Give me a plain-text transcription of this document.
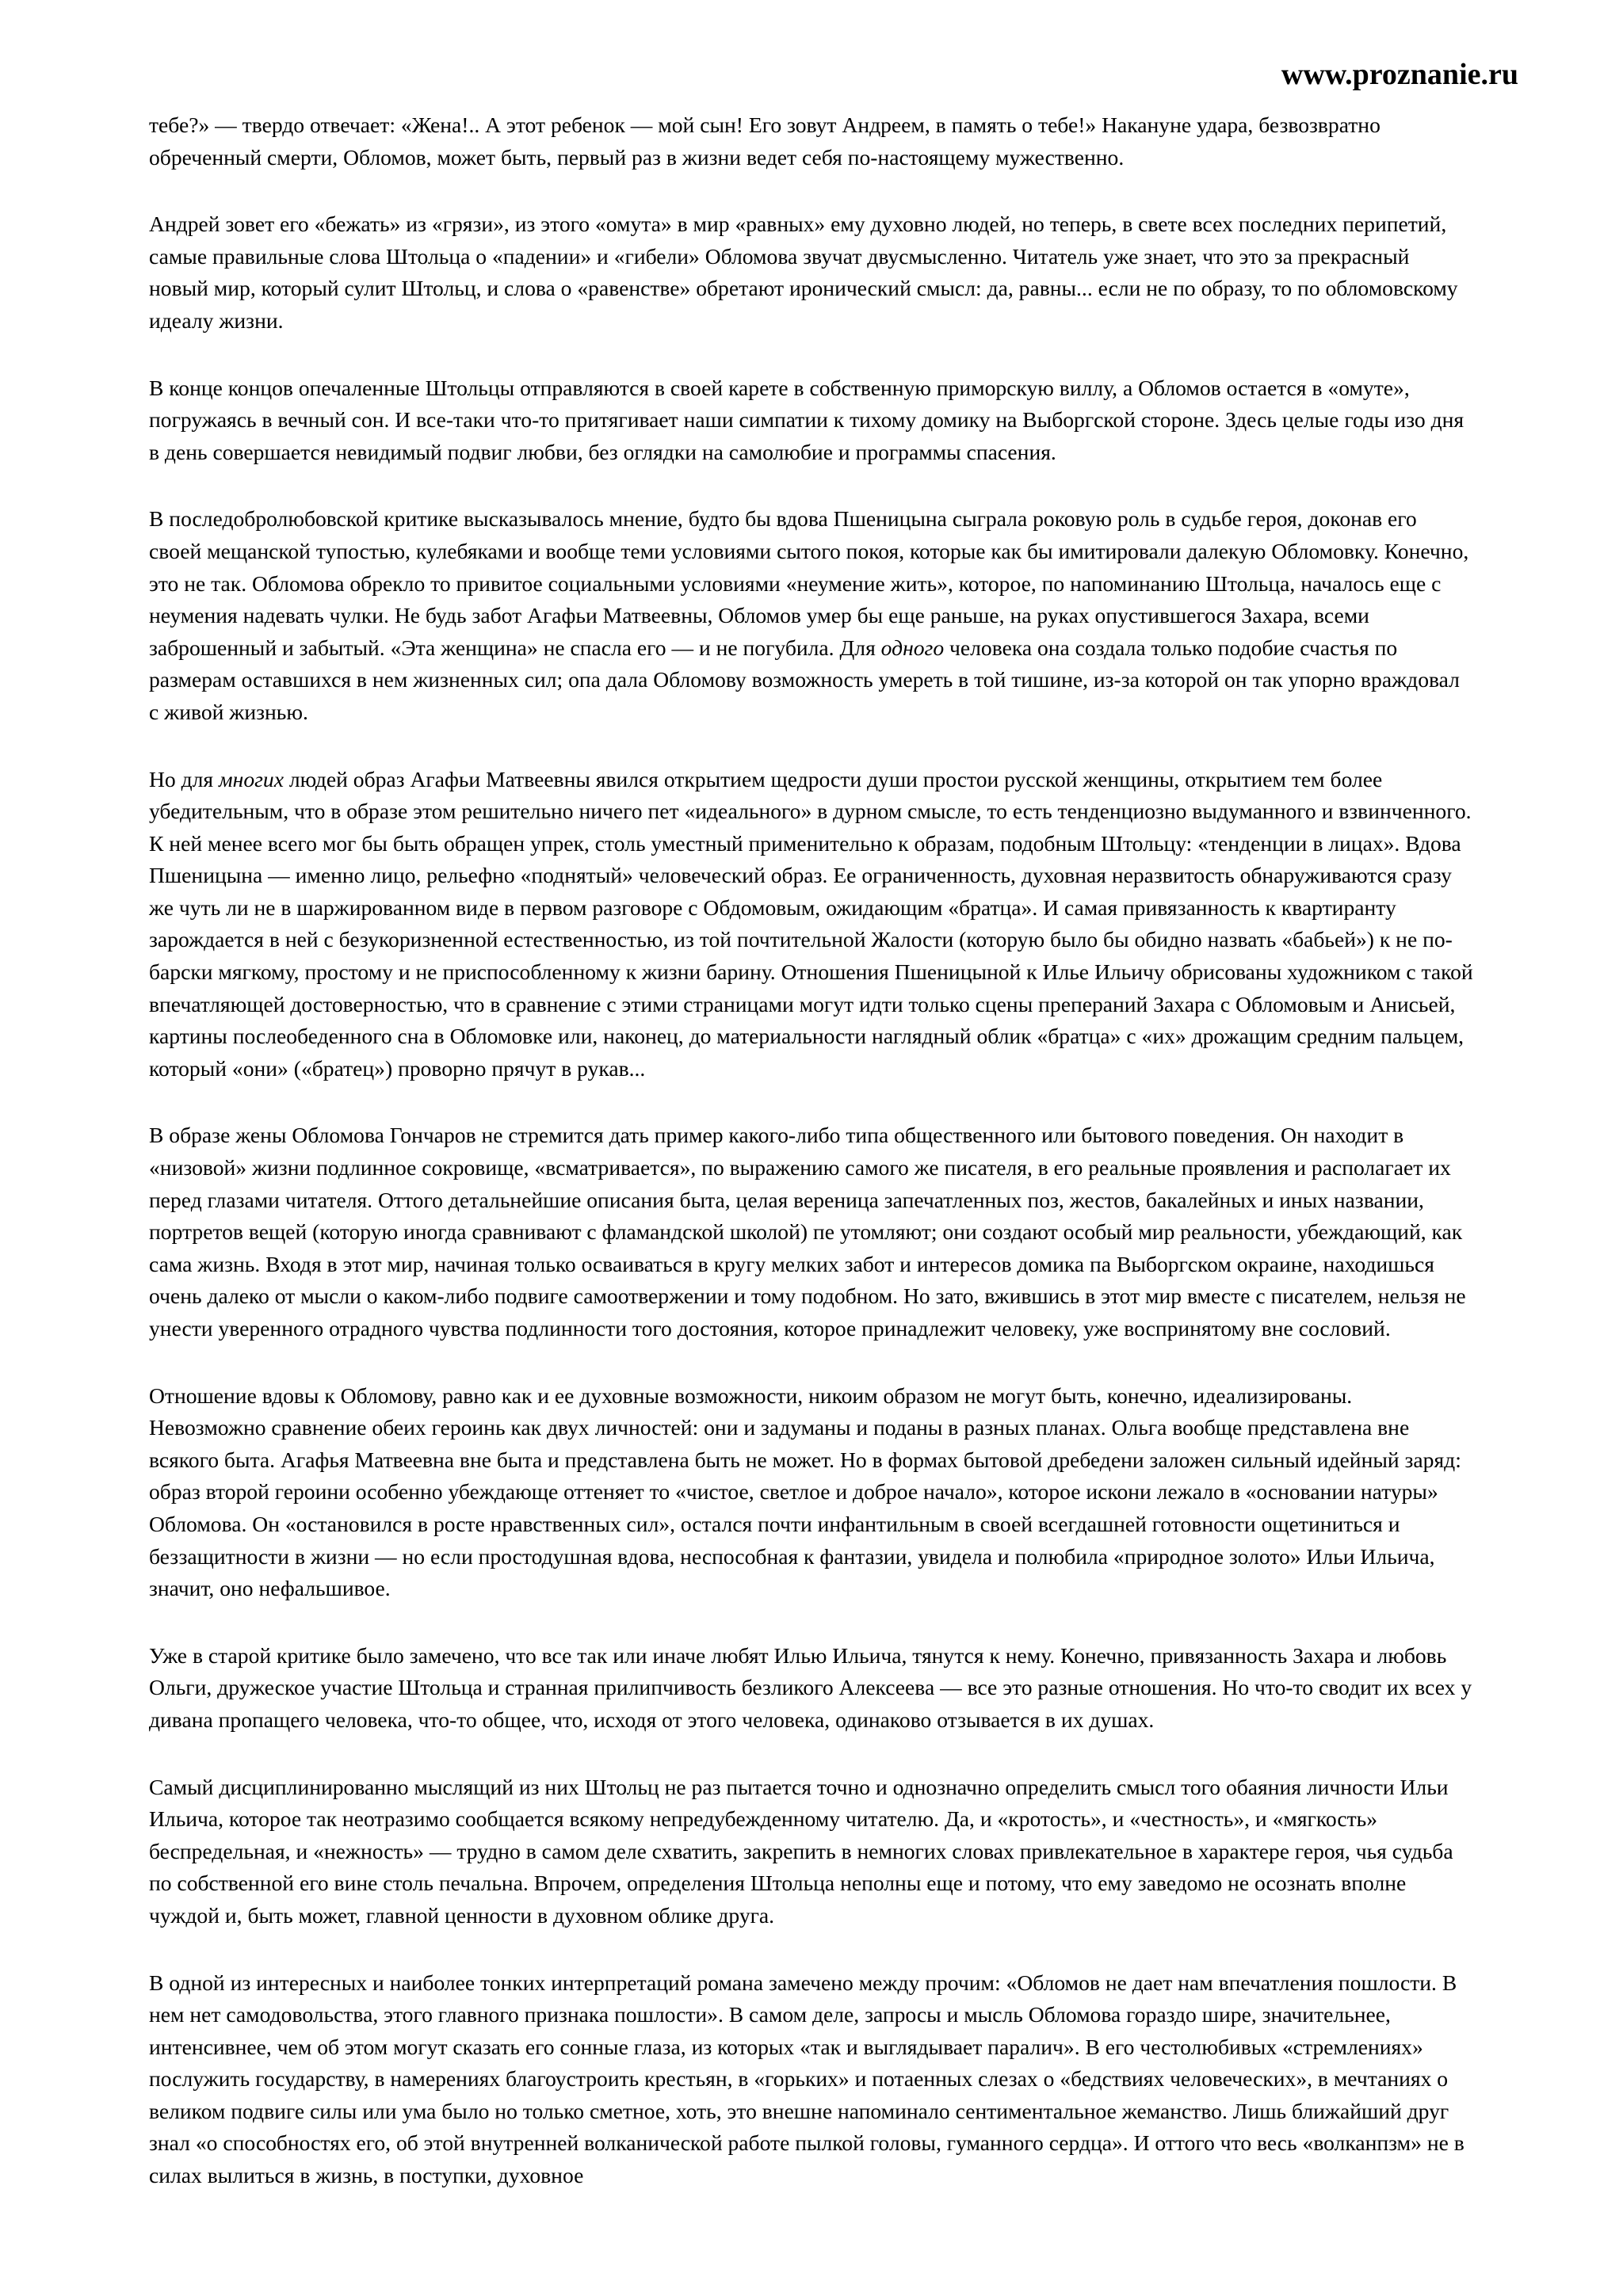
www.proznanie.ru

тебе?» — твердо отвечает: «Жена!.. А этот ребенок — мой сын! Его зовут Андреем, в память о тебе!» Накануне удара, безвозвратно обреченный смерти, Обломов, может быть, первый раз в жизни ведет себя по-настоящему мужественно.

Андрей зовет его «бежать» из «грязи», из этого «омута» в мир «равных» ему духовно людей, но теперь, в свете всех последних перипетий, самые правильные слова Штольца о «падении» и «гибели» Обломова звучат двусмысленно. Читатель уже знает, что это за прекрасный новый мир, который сулит Штольц, и слова о «равенстве» обретают иронический смысл: да, равны... если не по образу, то по обломовскому идеалу жизни.

В конце концов опечаленные Штольцы отправляются в своей карете в собственную приморскую виллу, а Обломов остается в «омуте», погружаясь в вечный сон. И все-таки что-то притягивает наши симпатии к тихому домику на Выборгской стороне. Здесь целые годы изо дня в день совершается невидимый подвиг любви, без оглядки на самолюбие и программы спасения.

В последобролюбовской критике высказывалось мнение, будто бы вдова Пшеницына сыграла роковую роль в судьбе героя, доконав его своей мещанской тупостью, кулебяками и вообще теми условиями сытого покоя, которые как бы имитировали далекую Обломовку. Конечно, это не так. Обломова обрекло то привитое социальными условиями «неумение жить», которое, по напоминанию Штольца, началось еще с неумения надевать чулки. Не будь забот Агафьи Матвеевны, Обломов умер бы еще раньше, на руках опустившегося Захара, всеми заброшенный и забытый. «Эта женщина» не спасла его — и не погубила. Для одного человека она создала только подобие счастья по размерам оставшихся в нем жизненных сил; опа дала Обломову возможность умереть в той тишине, из-за которой он так упорно враждовал с живой жизнью.

Но для многих людей образ Агафьи Матвеевны явился открытием щедрости души простои русской женщины, открытием тем более убедительным, что в образе этом решительно ничего пет «идеального» в дурном смысле, то есть тенденциозно выдуманного и взвинченного. К ней менее всего мог бы быть обращен упрек, столь уместный применительно к образам, подобным Штольцу: «тенденции в лицах». Вдова Пшеницына — именно лицо, рельефно «поднятый» человеческий образ. Ее ограниченность, духовная неразвитость обнаруживаются сразу же чуть ли не в шаржированном виде в первом разговоре с Обдомовым, ожидающим «братца». И самая привязанность к квартиранту зарождается в ней с безукоризненной естественностью, из той почтительной Жалости (которую было бы обидно назвать «бабьей») к не по-барски мягкому, простому и не приспособленному к жизни барину. Отношения Пшеницыной к Илье Ильичу обрисованы художником с такой впечатляющей достоверностью, что в сравнение с этими страницами могут идти только сцены препераний Захара с Обломовым и Анисьей, картины послеобеденного сна в Обломовке или, наконец, до материальности наглядный облик «братца» с «их» дрожащим средним пальцем, который «они» («братец») проворно прячут в рукав...

В образе жены Обломова Гончаров не стремится дать пример какого-либо типа общественного или бытового поведения. Он находит в «низовой» жизни подлинное сокровище, «всматривается», по выражению самого же писателя, в его реальные проявления и располагает их перед глазами читателя. Оттого детальнейшие описания быта, целая вереница запечатленных поз, жестов, бакалейных и иных названии, портретов вещей (которую иногда сравнивают с фламандской школой) пе утомляют; они создают особый мир реальности, убеждающий, как сама жизнь. Входя в этот мир, начиная только осваиваться в кругу мелких забот и интересов домика па Выборгском окраине, находишься очень далеко от мысли о каком-либо подвиге самоотвержении и тому подобном. Но зато, вжившись в этот мир вместе с писателем, нельзя не унести уверенного отрадного чувства подлинности того достояния, которое принадлежит человеку, уже воспринятому вне сословий.

Отношение вдовы к Обломову, равно как и ее духовные возможности, никоим образом не могут быть, конечно, идеализированы. Невозможно сравнение обеих героинь как двух личностей: они и задуманы и поданы в разных планах. Ольга вообще представлена вне всякого быта. Агафья Матвеевна вне быта и представлена быть не может. Но в формах бытовой дребедени заложен сильный идейный заряд: образ второй героини особенно убеждающе оттеняет то «чистое, светлое и доброе начало», которое искони лежало в «основании натуры» Обломова. Он «остановился в росте нравственных сил», остался почти инфантильным в своей всегдашней готовности ощетиниться и беззащитности в жизни — но если простодушная вдова, неспособная к фантазии, увидела и полюбила «природное золото» Ильи Ильича, значит, оно нефальшивое.

Уже в старой критике было замечено, что все так или иначе любят Илью Ильича, тянутся к нему. Конечно, привязанность Захара и любовь Ольги, дружеское участие Штольца и странная прилипчивость безликого Алексеева — все это разные отношения. Но что-то сводит их всех у дивана пропащего человека, что-то общее, что, исходя от этого человека, одинаково отзывается в их душах.

Самый дисциплинированно мыслящий из них Штольц не раз пытается точно и однозначно определить смысл того обаяния личности Ильи Ильича, которое так неотразимо сообщается всякому непредубежденному читателю. Да, и «кротость», и «честность», и «мягкость» беспредельная, и «нежность» — трудно в самом деле схватить, закрепить в немногих словах привлекательное в характере героя, чья судьба по собственной его вине столь печальна. Впрочем, определения Штольца неполны еще и потому, что ему заведомо не осознать вполне чуждой и, быть может, главной ценности в духовном облике друга.

В одной из интересных и наиболее тонких интерпретаций романа замечено между прочим: «Обломов не дает нам впечатления пошлости. В нем нет самодовольства, этого главного признака пошлости». В самом деле, запросы и мысль Обломова гораздо шире, значительнее, интенсивнее, чем об этом могут сказать его сонные глаза, из которых «так и выглядывает паралич». В его честолюбивых «стремлениях» послужить государству, в намерениях благоустроить крестьян, в «горьких» и потаенных слезах о «бедствиях человеческих», в мечтаниях о великом подвиге силы или ума было но только сметное, хоть, это внешне напоминало сентиментальное жеманство. Лишь ближайший друг знал «о способностях его, об этой внутренней волканической работе пылкой головы, гуманного сердца». И оттого что весь «волканпзм» не в силах вылиться в жизнь, в поступки, духовное
